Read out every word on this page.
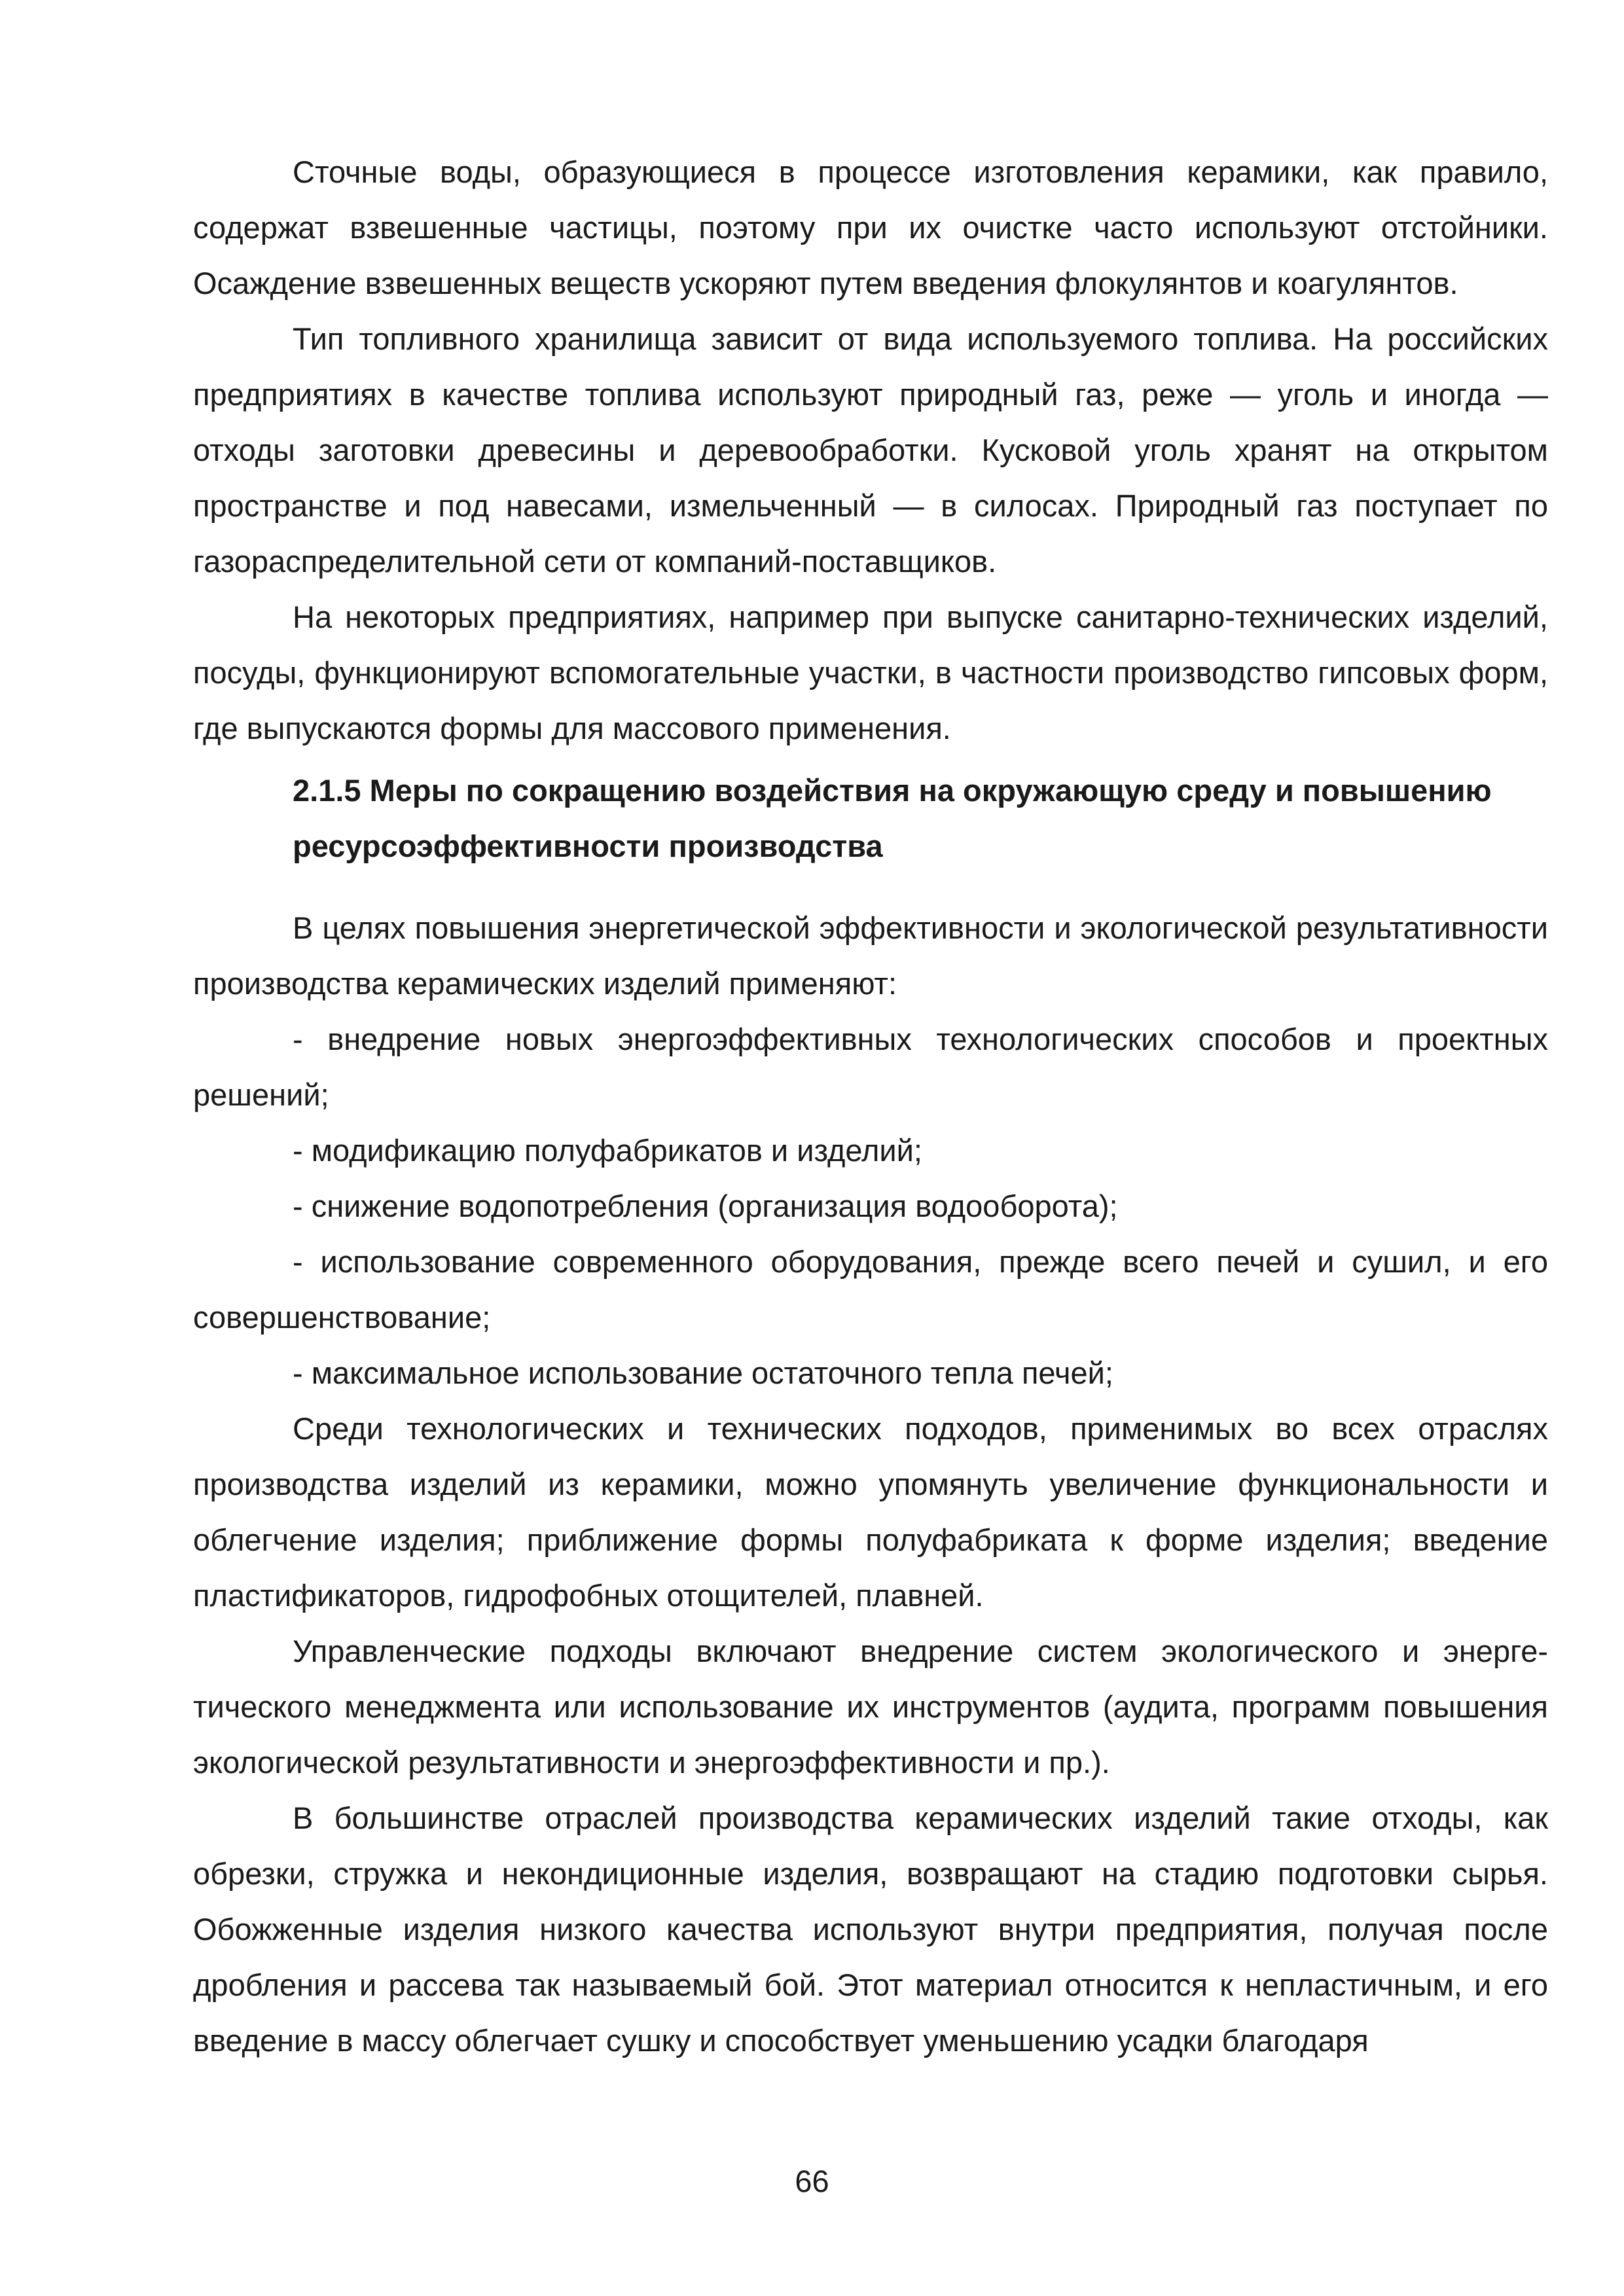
Сточные воды, образующиеся в процессе изготовления керамики, как правило, содержат взвешенные частицы, поэтому при их очистке часто используют отстойники. Осаждение взвешенных веществ ускоряют путем введения флокулянтов и коагулянтов.

Тип топливного хранилища зависит от вида используемого топлива. На российских предприятиях в качестве топлива используют природный газ, реже — уголь и иногда — отходы заготовки древесины и деревообработки. Кусковой уголь хранят на открытом пространстве и под навесами, измельченный — в силосах. Природный газ поступает по газораспределительной сети от компаний-поставщиков.

На некоторых предприятиях, например при выпуске санитарно-технических изделий, посуды, функционируют вспомогательные участки, в частности производство гипсовых форм, где выпускаются формы для массового применения.

2.1.5 Меры по сокращению воздействия на окружающую среду и повышению ресурсоэффективности производства

В целях повышения энергетической эффективности и экологической результативности производства керамических изделий применяют:

- внедрение новых энергоэффективных технологических способов и проектных решений;

- модификацию полуфабрикатов и изделий;

- снижение водопотребления (организация водооборота);

- использование современного оборудования, прежде всего печей и сушил, и его совершенствование;

- максимальное использование остаточного тепла печей;

Среди технологических и технических подходов, применимых во всех отраслях производства изделий из керамики, можно упомянуть увеличение функциональности и облегчение изделия; приближение формы полуфабриката к форме изделия; введение пластификаторов, гидрофобных отощителей, плавней.

Управленческие подходы включают внедрение систем экологического и энергетического менеджмента или использование их инструментов (аудита, программ повышения экологической результативности и энергоэффективности и пр.).

В большинстве отраслей производства керамических изделий такие отходы, как обрезки, стружка и некондиционные изделия, возвращают на стадию подготовки сырья. Обожженные изделия низкого качества используют внутри предприятия, получая после дробления и рассева так называемый бой. Этот материал относится к непластичным, и его введение в массу облегчает сушку и способствует уменьшению усадки благодаря

66
